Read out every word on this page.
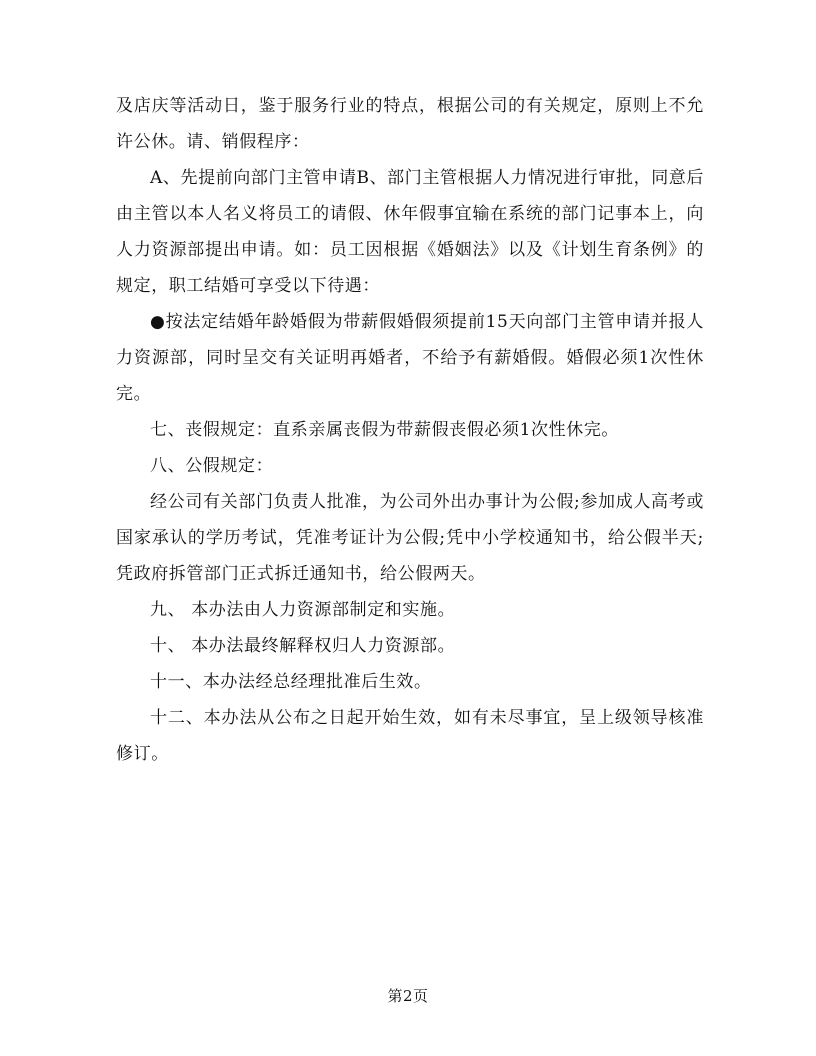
及店庆等活动日，鉴于服务行业的特点，根据公司的有关规定，原则上不允许公休。请、销假程序：

A、先提前向部门主管申请B、部门主管根据人力情况进行审批，同意后由主管以本人名义将员工的请假、休年假事宜输在系统的部门记事本上，向人力资源部提出申请。如：员工因根据《婚姻法》以及《计划生育条例》的规定，职工结婚可享受以下待遇：

●按法定结婚年龄婚假为带薪假婚假须提前15天向部门主管申请并报人力资源部，同时呈交有关证明再婚者，不给予有薪婚假。婚假必须1次性休完。

七、丧假规定：直系亲属丧假为带薪假丧假必须1次性休完。

八、公假规定：

经公司有关部门负责人批准，为公司外出办事计为公假;参加成人高考或国家承认的学历考试，凭准考证计为公假;凭中小学校通知书，给公假半天;凭政府拆管部门正式拆迁通知书，给公假两天。

九、 本办法由人力资源部制定和实施。

十、 本办法最终解释权归人力资源部。

十一、本办法经总经理批准后生效。

十二、本办法从公布之日起开始生效，如有未尽事宜，呈上级领导核准修订。

第2页
